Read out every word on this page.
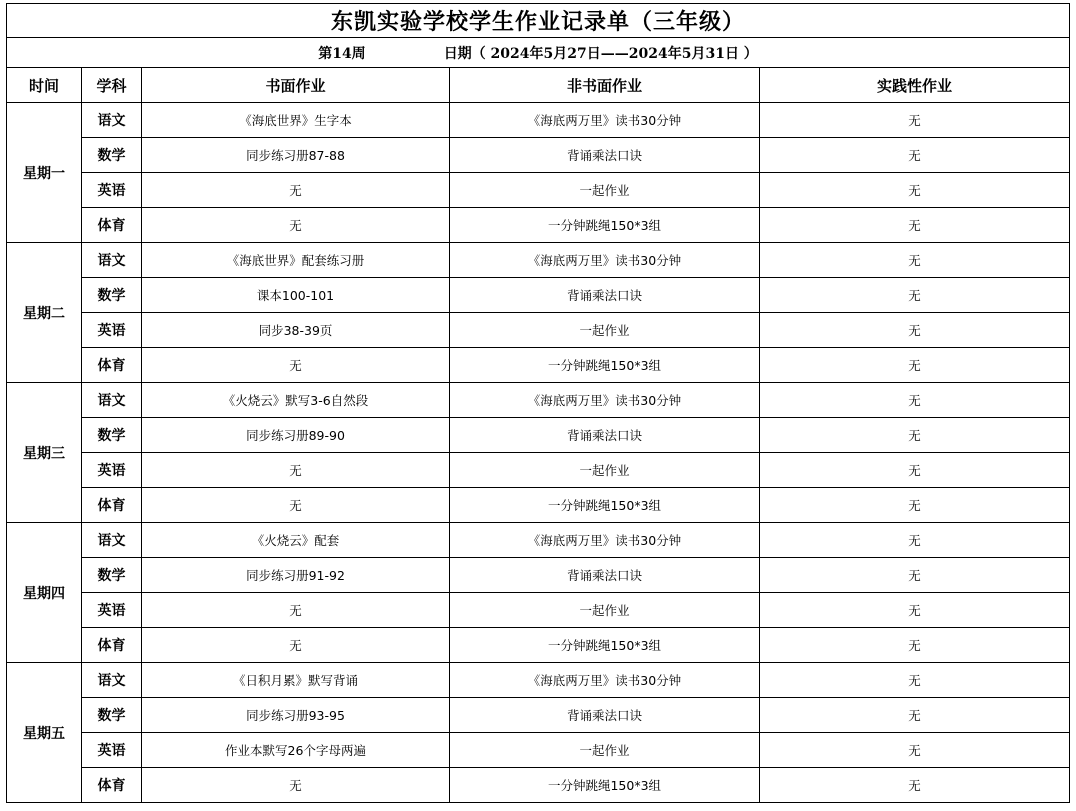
东凯实验学校学生作业记录单（三年级）				
第14周 日期（ 2024年5月27日——2024年5月31日 ）				
时间	学科	书面作业	非书面作业	实践性作业
星期一	语文	《海底世界》生字本	《海底两万里》读书30分钟	无
	数学	同步练习册87-88	背诵乘法口诀	无
	英语	无	一起作业	无
	体育	无	一分钟跳绳150*3组	无
星期二	语文	《海底世界》配套练习册	《海底两万里》读书30分钟	无
	数学	课本100-101	背诵乘法口诀	无
	英语	同步38-39页	一起作业	无
	体育	无	一分钟跳绳150*3组	无
星期三	语文	《火烧云》默写3-6自然段	《海底两万里》读书30分钟	无
	数学	同步练习册89-90	背诵乘法口诀	无
	英语	无	一起作业	无
	体育	无	一分钟跳绳150*3组	无
星期四	语文	《火烧云》配套	《海底两万里》读书30分钟	无
	数学	同步练习册91-92	背诵乘法口诀	无
	英语	无	一起作业	无
	体育	无	一分钟跳绳150*3组	无
星期五	语文	《日积月累》默写背诵	《海底两万里》读书30分钟	无
	数学	同步练习册93-95	背诵乘法口诀	无
	英语	作业本默写26个字母两遍	一起作业	无
	体育	无	一分钟跳绳150*3组	无
